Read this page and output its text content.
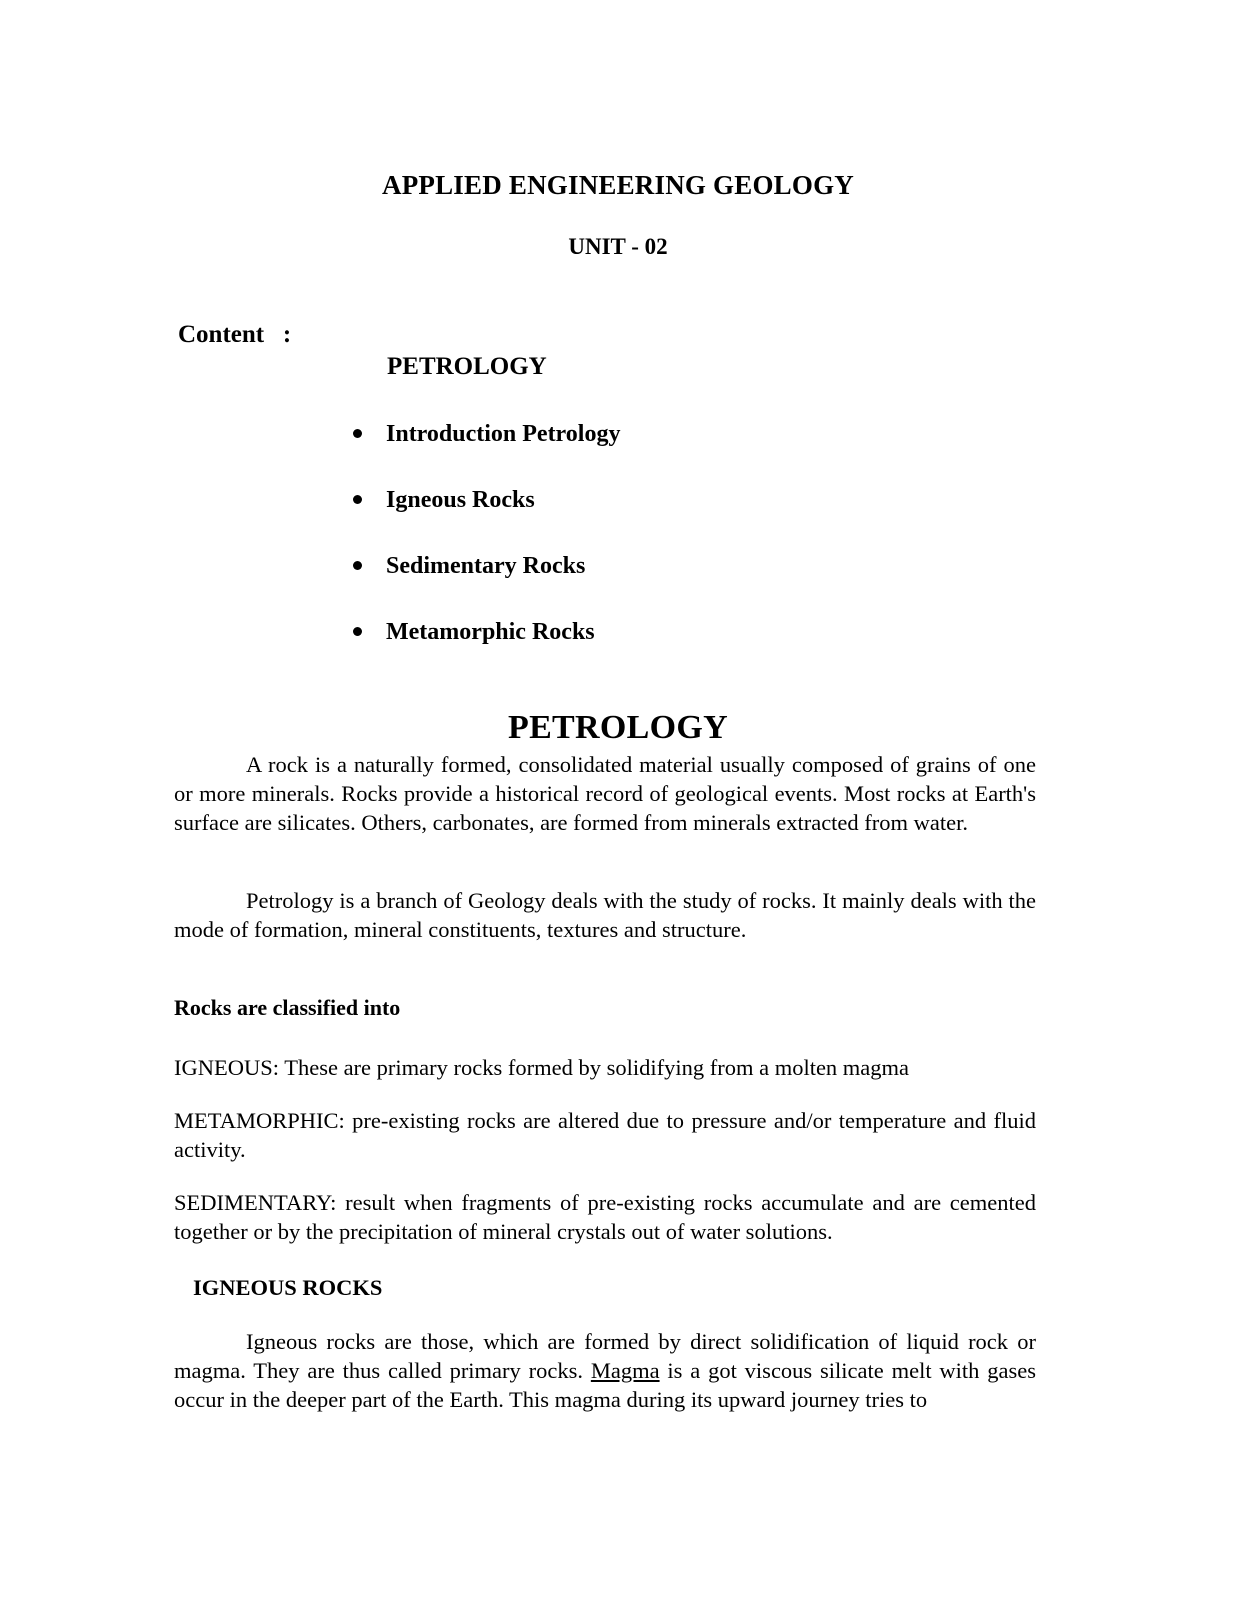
APPLIED ENGINEERING GEOLOGY
UNIT - 02
Content   :
PETROLOGY
Introduction Petrology
Igneous Rocks
Sedimentary Rocks
Metamorphic Rocks
PETROLOGY
A rock is a naturally formed, consolidated material usually composed of grains of one or more minerals. Rocks provide a historical record of geological events. Most rocks at Earth's surface are silicates. Others, carbonates, are formed from minerals extracted from water.
Petrology is a branch of Geology deals with the study of rocks. It mainly deals with the mode of formation, mineral constituents, textures and structure.
Rocks are classified into
IGNEOUS: These are primary rocks formed by solidifying from a molten magma
METAMORPHIC: pre-existing rocks are altered due to pressure and/or temperature and fluid activity.
SEDIMENTARY: result when fragments of pre-existing rocks accumulate and are cemented together or by the precipitation of mineral crystals out of water solutions.
IGNEOUS ROCKS
Igneous rocks are those, which are formed by direct solidification of liquid rock or magma. They are thus called primary rocks. Magma is a got viscous silicate melt with gases occur in the deeper part of the Earth. This magma during its upward journey tries to
